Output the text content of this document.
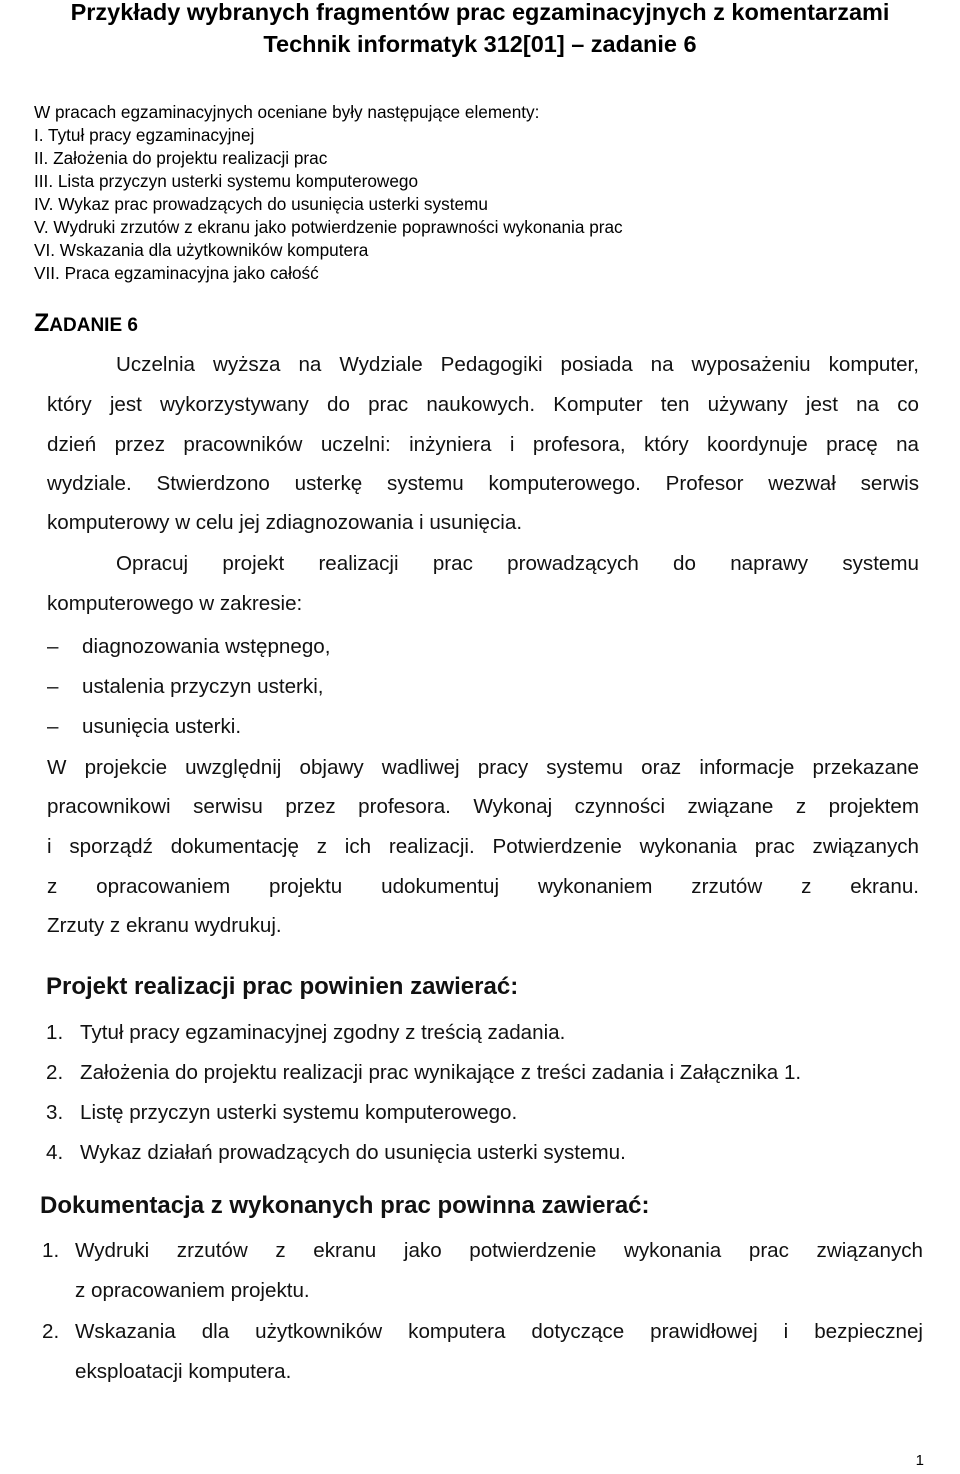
Przykłady wybranych fragmentów prac egzaminacyjnych z komentarzami
Technik informatyk 312[01] – zadanie 6
W pracach egzaminacyjnych oceniane były następujące elementy:
I. Tytuł pracy egzaminacyjnej
II. Założenia do projektu realizacji prac
III. Lista przyczyn usterki systemu komputerowego
IV. Wykaz prac prowadzących do usunięcia usterki systemu
V. Wydruki zrzutów z ekranu jako potwierdzenie poprawności wykonania prac
VI. Wskazania dla użytkowników komputera
VII. Praca egzaminacyjna jako całość
ZADANIE 6
Uczelnia wyższa na Wydziale Pedagogiki posiada na wyposażeniu komputer,
który jest wykorzystywany do prac naukowych. Komputer ten używany jest na co
dzień przez pracowników uczelni: inżyniera i profesora, który koordynuje pracę na
wydziale. Stwierdzono usterkę systemu komputerowego. Profesor wezwał serwis
komputerowy w celu jej zdiagnozowania i usunięcia.
Opracuj projekt realizacji prac prowadzących do naprawy systemu
komputerowego w zakresie:
– diagnozowania wstępnego,
– ustalenia przyczyn usterki,
– usunięcia usterki.
W projekcie uwzględnij objawy wadliwej pracy systemu oraz informacje przekazane
pracownikowi serwisu przez profesora. Wykonaj czynności związane z projektem
i sporządź dokumentację z ich realizacji. Potwierdzenie wykonania prac związanych
z opracowaniem projektu udokumentuj wykonaniem zrzutów z ekranu.
Zrzuty z ekranu wydrukuj.
Projekt realizacji prac powinien zawierać:
1. Tytuł pracy egzaminacyjnej zgodny z treścią zadania.
2. Założenia do projektu realizacji prac wynikające z treści zadania i Załącznika 1.
3. Listę przyczyn usterki systemu komputerowego.
4. Wykaz działań prowadzących do usunięcia usterki systemu.
Dokumentacja z wykonanych prac powinna zawierać:
1. Wydruki zrzutów z ekranu jako potwierdzenie wykonania prac związanych
z opracowaniem projektu.
2. Wskazania dla użytkowników komputera dotyczące prawidłowej i bezpiecznej
eksploatacji komputera.
1
